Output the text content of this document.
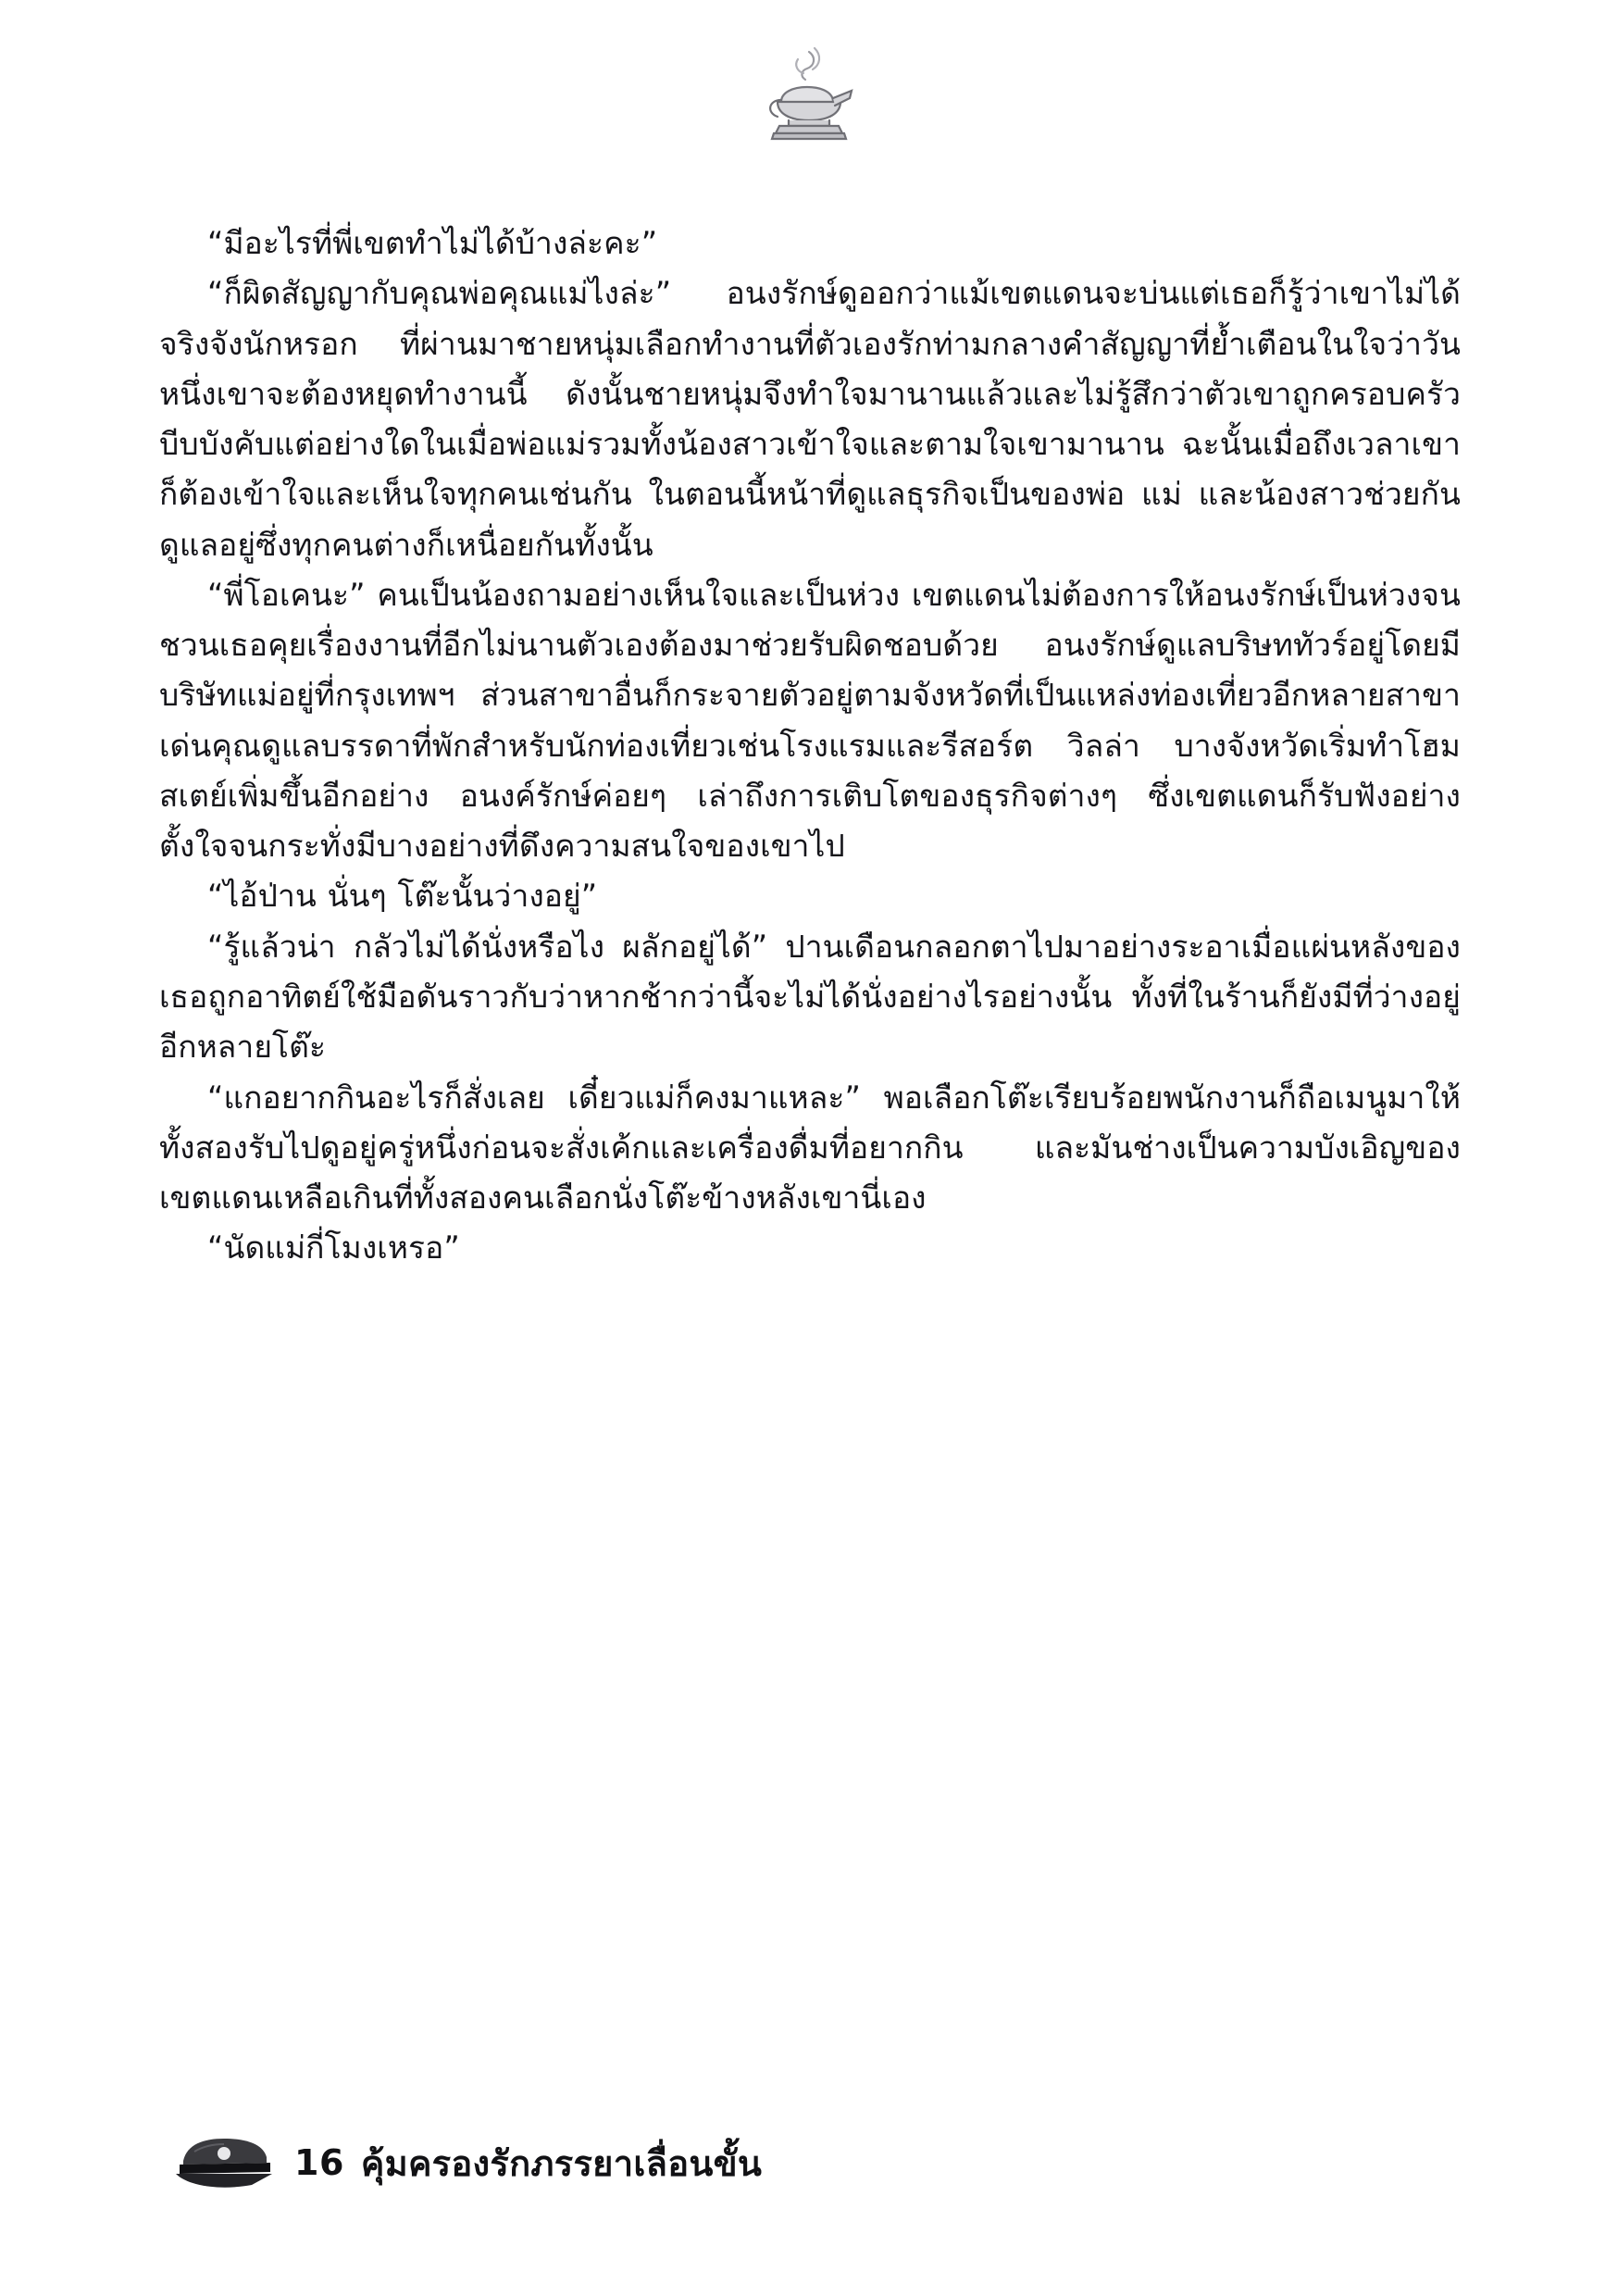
“มีอะไรที่พี่เขตทำไม่ได้บ้างล่ะคะ”

“ก็ผิดสัญญากับคุณพ่อคุณแม่ไงล่ะ” อนงรักษ์ดูออกว่าแม้เขตแดนจะบ่นแต่เธอก็รู้ว่าเขาไม่ได้จริงจังนักหรอก ที่ผ่านมาชายหนุ่มเลือกทำงานที่ตัวเองรักท่ามกลางคำสัญญาที่ย้ำเตือนในใจว่าวันหนึ่งเขาจะต้องหยุดทำงานนี้ ดังนั้นชายหนุ่มจึงทำใจมานานแล้วและไม่รู้สึกว่าตัวเขาถูกครอบครัวบีบบังคับแต่อย่างใดในเมื่อพ่อแม่รวมทั้งน้องสาวเข้าใจและตามใจเขามานาน ฉะนั้นเมื่อถึงเวลาเขาก็ต้องเข้าใจและเห็นใจทุกคนเช่นกัน ในตอนนี้หน้าที่ดูแลธุรกิจเป็นของพ่อ แม่ และน้องสาวช่วยกันดูแลอยู่ซึ่งทุกคนต่างก็เหนื่อยกันทั้งนั้น

“พี่โอเคนะ” คนเป็นน้องถามอย่างเห็นใจและเป็นห่วง เขตแดนไม่ต้องการให้อนงรักษ์เป็นห่วงจนชวนเธอคุยเรื่องงานที่อีกไม่นานตัวเองต้องมาช่วยรับผิดชอบด้วย อนงรักษ์ดูแลบริษททัวร์อยู่โดยมีบริษัทแม่อยู่ที่กรุงเทพฯ ส่วนสาขาอื่นก็กระจายตัวอยู่ตามจังหวัดที่เป็นแหล่งท่องเที่ยวอีกหลายสาขา เด่นคุณดูแลบรรดาที่พักสำหรับนักท่องเที่ยวเช่นโรงแรมและรีสอร์ต วิลล่า บางจังหวัดเริ่มทำโฮมสเตย์เพิ่มขึ้นอีกอย่าง อนงค์รักษ์ค่อยๆ เล่าถึงการเติบโตของธุรกิจต่างๆ ซึ่งเขตแดนก็รับฟังอย่างตั้งใจจนกระทั่งมีบางอย่างที่ดึงความสนใจของเขาไป

“ไอ้ป่าน นั่นๆ โต๊ะนั้นว่างอยู่”

“รู้แล้วน่า กลัวไม่ได้นั่งหรือไง ผลักอยู่ได้” ปานเดือนกลอกตาไปมาอย่างระอาเมื่อแผ่นหลังของเธอถูกอาทิตย์ใช้มือดันราวกับว่าหากช้ากว่านี้จะไม่ได้นั่งอย่างไรอย่างนั้น ทั้งที่ในร้านก็ยังมีที่ว่างอยู่อีกหลายโต๊ะ

“แกอยากกินอะไรก็สั่งเลย เดี๋ยวแม่ก็คงมาแหละ” พอเลือกโต๊ะเรียบร้อยพนักงานก็ถือเมนูมาให้ ทั้งสองรับไปดูอยู่ครู่หนึ่งก่อนจะสั่งเค้กและเครื่องดื่มที่อยากกิน และมันช่างเป็นความบังเอิญของเขตแดนเหลือเกินที่ทั้งสองคนเลือกนั่งโต๊ะข้างหลังเขานี่เอง

“นัดแม่กี่โมงเหรอ”

16 คุ้มครองรักภรรยาเลื่อนขั้น
